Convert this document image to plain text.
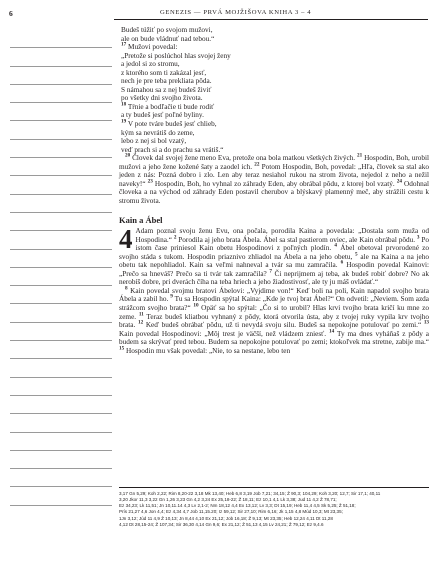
6	GENEZIS — PRVÁ MOJŽIŠOVA KNIHA 3 – 4

Budeš túžiť po svojom mužovi,
ale on bude vládnuť nad tebou.“
$^{17}$ Mužovi povedal:
„Pretože si poslúchol hlas svojej ženy
a jedol si zo stromu,
z ktorého som ti zakázal jesť,
nech je pre teba prekliata pôda.
S námahou sa z nej budeš živiť
po všetky dni svojho života.
$^{18}$ Tŕnie a bodľačie ti bude rodiť
a ty budeš jesť poľné byliny.
$^{19}$ V pote tváre budeš jesť chlieb,
kým sa nevrátiš do zeme,
lebo z nej si bol vzatý,
veď prach si a do prachu sa vrátiš.“

$^{20}$ Človek dal svojej žene meno Eva, pretože ona bola matkou všetkých živých. $^{21}$ Hospodin, Boh, urobil mužovi a jeho žene kožené šaty a zaodel ich. $^{22}$ Potom Hospodin, Boh, povedal: „Hľa, človek sa stal ako jeden z nás: Pozná dobro i zlo. Len aby teraz nesiahol rukou na strom života, nejedol z neho a nežil naveky!“ $^{23}$ Hospodin, Boh, ho vyhnal zo záhrady Eden, aby obrábal pôdu, z ktorej bol vzatý. $^{24}$ Odohnal človeka a na východ od záhrady Eden postavil cherubov a blýskavý plamenný meč, aby strážili cestu k stromu života.

Kain a Ábel

4 Adam poznal svoju ženu Evu, ona počala, porodila Kaina a povedala: „Dostala som muža od Hospodina.“ $^2$ Porodila aj jeho brata Ábela. Ábel sa stal pastierom oviec, ale Kain obrábal pôdu. $^3$ Po istom čase priniesol Kain obetu Hospodinovi z poľných plodín. $^4$ Ábel obetoval prvorodené zo svojho stáda s tukom. Hospodin priaznivo zhliadol na Ábela a na jeho obetu, $^5$ ale na Kaina a na jeho obetu tak nepohliadol. Kain sa veľmi nahneval a tvár sa mu zamračila. $^6$ Hospodin povedal Kainovi: „Prečo sa hneváš? Prečo sa ti tvár tak zamračila? $^7$ Či neprijmem aj teba, ak budeš robiť dobre? No ak nerobíš dobre, pri dverách číha na teba hriech a jeho žiadostivosť, ale ty ju máš ovládať.“

$^8$ Kain povedal svojmu bratovi Ábelovi: „Vyjdime von!“ Keď boli na poli, Kain napadol svojho brata Ábela a zabil ho. $^9$ Tu sa Hospodin spýtal Kaina: „Kde je tvoj brat Ábel?“ On odvetil: „Neviem. Som azda strážcom svojho brata?“ $^{10}$ Opäť sa ho spýtal: „Čo si to urobil? Hlas krvi tvojho brata kričí ku mne zo zeme. $^{11}$ Teraz budeš kliatbou vyhnaný z pôdy, ktorá otvorila ústa, aby z tvojej ruky vypila krv tvojho brata. $^{12}$ Keď budeš obrábať pôdu, už ti nevydá svoju silu. Budeš sa nepokojne potulovať po zemi.“ $^{13}$ Kain povedal Hospodinovi: „Môj trest je väčší, než vládzem zniesť. $^{14}$ Ty ma dnes vyháňaš z pôdy a budem sa skrývať pred tebou. Budem sa nepokojne potulovať po zemi; ktokoľvek ma stretne, zabije ma.“ $^{15}$ Hospodin mu však povedal: „Nie, to sa nestane, lebo ten

3,17 Gn 5,29; Koh 2,22; Rim 8,20-22 3,18 Mk 13,40; Heb 6,8 3,19 Job 7,21; 34,15; Ž 90,3; 104,29; Koh 3,20; 12,7; Sir 17,1; 40,11

3,20 Jkor 11,3 3,22 Gn 1,26 3,23 Gn 4,2 3,24 Ex 25,18-22; Ž 18,11; Ez 10,1 4,1 Lk 3,38; Jud 11 4,2 Ž 78,71;

Ez 34,23; Lk 11,51; Jn 10,11.14 4,3 Lv 2,1-2; Nm 18,12 4,4 Ex 13,12; Lv 3,3; Dt 15,19; Heb 11,4 4,5 Sk 5,25; Ž 51,18;

Prís 21,27 4,6 Jon 4,4; Ez 4,34 4,7 Job 11,15.20; Iz 59,12; Sir 27,10; Rim 6,16; Jk 1,15 4,8 Múd 10,3; Mt 23,35;

1Jn 3,12; Júd 11 4,9 Ž 10,13; Jn 8,44 4,10 Ex 21,12; Job 16,18; Ž 9,13; Mt 23,35; Heb 12,24 4,11 Dt 11,28

4,12 Dt 28,15-24; Ž 107,34; Sir 36,30 4,14 Gn 9,6; Ex 21,12; Ž 51,13 4,15 Lv 24,21; Ž 79,12; Ez 9,4.6
